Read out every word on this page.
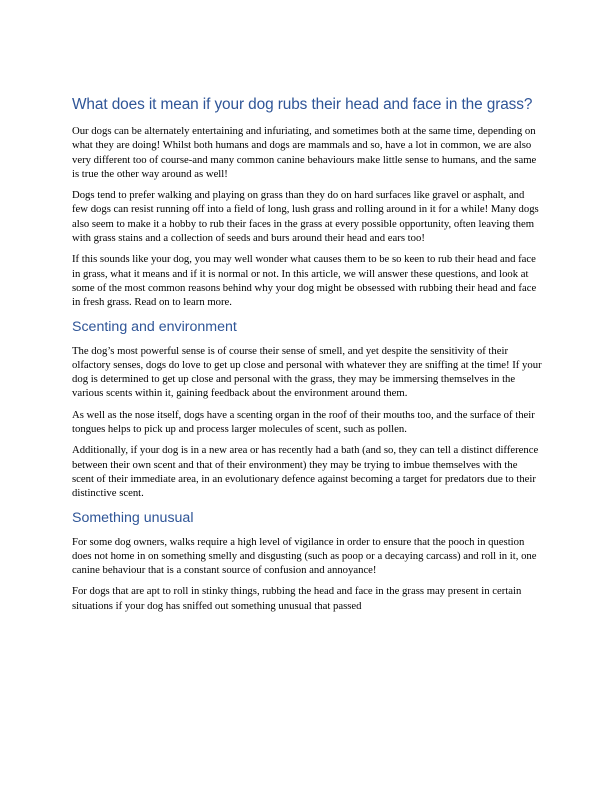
What does it mean if your dog rubs their head and face in the grass?

Our dogs can be alternately entertaining and infuriating, and sometimes both at the same time, depending on what they are doing! Whilst both humans and dogs are mammals and so, have a lot in common, we are also very different too of course-and many common canine behaviours make little sense to humans, and the same is true the other way around as well!

Dogs tend to prefer walking and playing on grass than they do on hard surfaces like gravel or asphalt, and few dogs can resist running off into a field of long, lush grass and rolling around in it for a while! Many dogs also seem to make it a hobby to rub their faces in the grass at every possible opportunity, often leaving them with grass stains and a collection of seeds and burs around their head and ears too!

If this sounds like your dog, you may well wonder what causes them to be so keen to rub their head and face in grass, what it means and if it is normal or not. In this article, we will answer these questions, and look at some of the most common reasons behind why your dog might be obsessed with rubbing their head and face in fresh grass. Read on to learn more.

Scenting and environment

The dog’s most powerful sense is of course their sense of smell, and yet despite the sensitivity of their olfactory senses, dogs do love to get up close and personal with whatever they are sniffing at the time! If your dog is determined to get up close and personal with the grass, they may be immersing themselves in the various scents within it, gaining feedback about the environment around them.

As well as the nose itself, dogs have a scenting organ in the roof of their mouths too, and the surface of their tongues helps to pick up and process larger molecules of scent, such as pollen.

Additionally, if your dog is in a new area or has recently had a bath (and so, they can tell a distinct difference between their own scent and that of their environment) they may be trying to imbue themselves with the scent of their immediate area, in an evolutionary defence against becoming a target for predators due to their distinctive scent.

Something unusual

For some dog owners, walks require a high level of vigilance in order to ensure that the pooch in question does not home in on something smelly and disgusting (such as poop or a decaying carcass) and roll in it, one canine behaviour that is a constant source of confusion and annoyance!

For dogs that are apt to roll in stinky things, rubbing the head and face in the grass may present in certain situations if your dog has sniffed out something unusual that passed
